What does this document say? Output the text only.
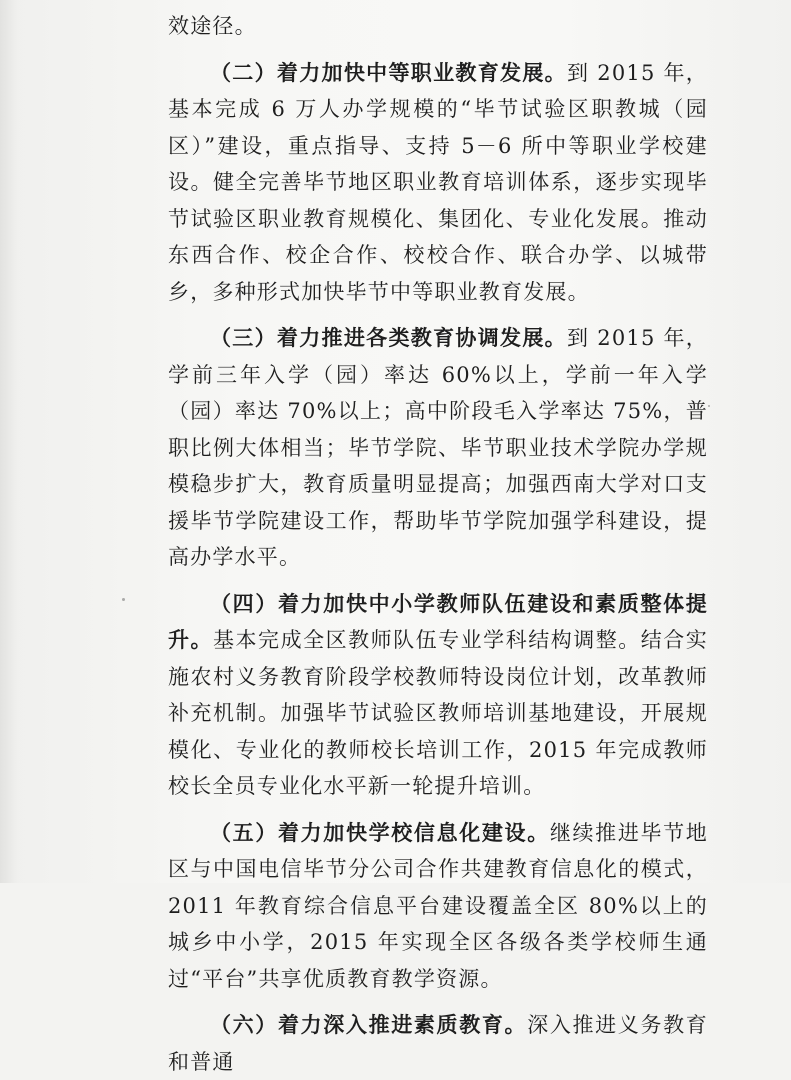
效途径。

（二）着力加快中等职业教育发展。到 2015 年，基本完成 6 万人办学规模的“毕节试验区职教城（园区）”建设，重点指导、支持 5－6 所中等职业学校建设。健全完善毕节地区职业教育培训体系，逐步实现毕节试验区职业教育规模化、集团化、专业化发展。推动东西合作、校企合作、校校合作、联合办学、以城带乡，多种形式加快毕节中等职业教育发展。

（三）着力推进各类教育协调发展。到 2015 年，学前三年入学（园）率达 60%以上，学前一年入学（园）率达 70%以上；高中阶段毛入学率达 75%，普职比例大体相当；毕节学院、毕节职业技术学院办学规模稳步扩大，教育质量明显提高；加强西南大学对口支援毕节学院建设工作，帮助毕节学院加强学科建设，提高办学水平。

（四）着力加快中小学教师队伍建设和素质整体提升。基本完成全区教师队伍专业学科结构调整。结合实施农村义务教育阶段学校教师特设岗位计划，改革教师补充机制。加强毕节试验区教师培训基地建设，开展规模化、专业化的教师校长培训工作，2015 年完成教师校长全员专业化水平新一轮提升培训。

（五）着力加快学校信息化建设。继续推进毕节地区与中国电信毕节分公司合作共建教育信息化的模式，2011 年教育综合信息平台建设覆盖全区 80%以上的城乡中小学，2015 年实现全区各级各类学校师生通过“平台”共享优质教育教学资源。

（六）着力深入推进素质教育。深入推进义务教育和普通
